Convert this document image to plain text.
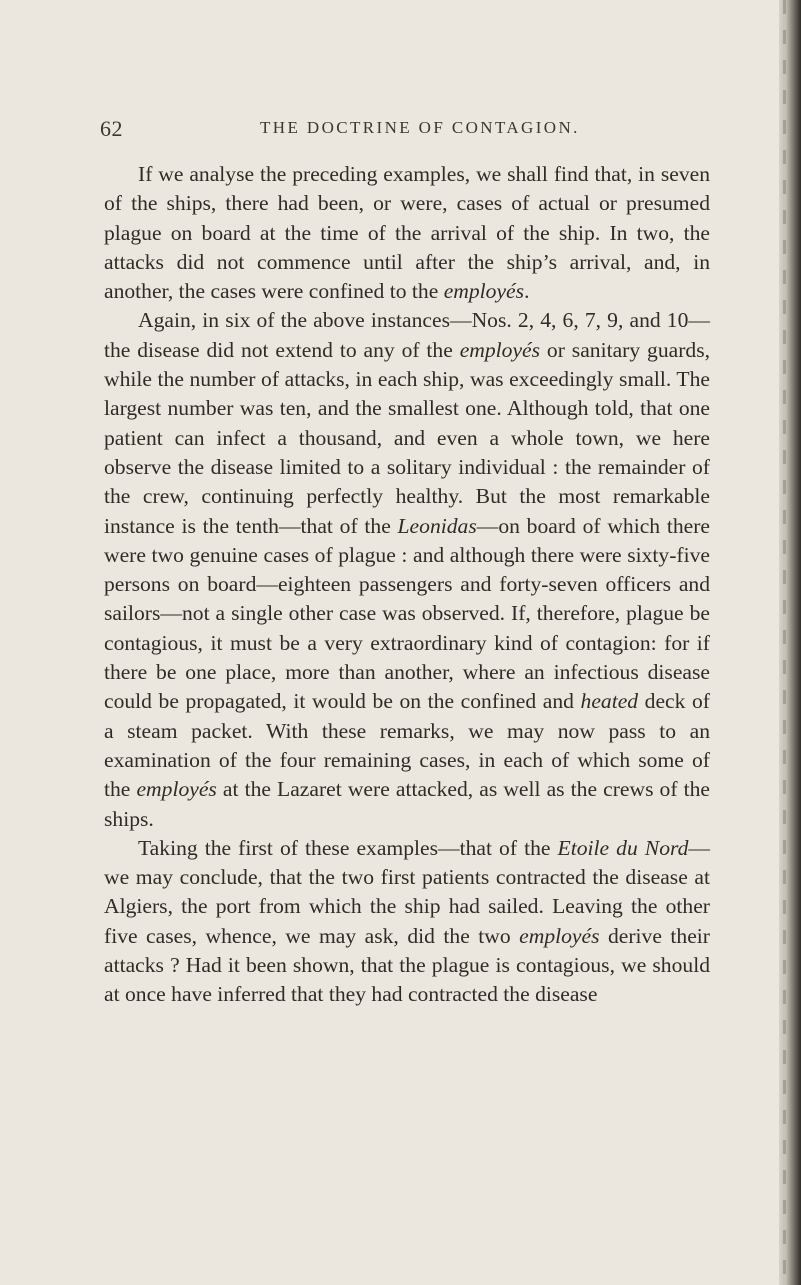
62	THE DOCTRINE OF CONTAGION.

If we analyse the preceding examples, we shall find that, in seven of the ships, there had been, or were, cases of actual or presumed plague on board at the time of the arrival of the ship. In two, the attacks did not commence until after the ship’s arrival, and, in another, the cases were confined to the employés.

Again, in six of the above instances—Nos. 2, 4, 6, 7, 9, and 10—the disease did not extend to any of the employés or sanitary guards, while the number of attacks, in each ship, was exceedingly small. The largest number was ten, and the smallest one. Although told, that one patient can infect a thousand, and even a whole town, we here observe the disease limited to a solitary individual : the remainder of the crew, continuing perfectly healthy. But the most remarkable instance is the tenth—that of the Leonidas—on board of which there were two genuine cases of plague : and although there were sixty-five persons on board—eighteen passengers and forty-seven officers and sailors—not a single other case was observed. If, therefore, plague be contagious, it must be a very extraordinary kind of contagion: for if there be one place, more than another, where an infectious disease could be propagated, it would be on the confined and heated deck of a steam packet. With these remarks, we may now pass to an examination of the four remaining cases, in each of which some of the employés at the Lazaret were attacked, as well as the crews of the ships.

Taking the first of these examples—that of the Etoile du Nord—we may conclude, that the two first patients contracted the disease at Algiers, the port from which the ship had sailed. Leaving the other five cases, whence, we may ask, did the two employés derive their attacks ? Had it been shown, that the plague is contagious, we should at once have inferred that they had contracted the disease
